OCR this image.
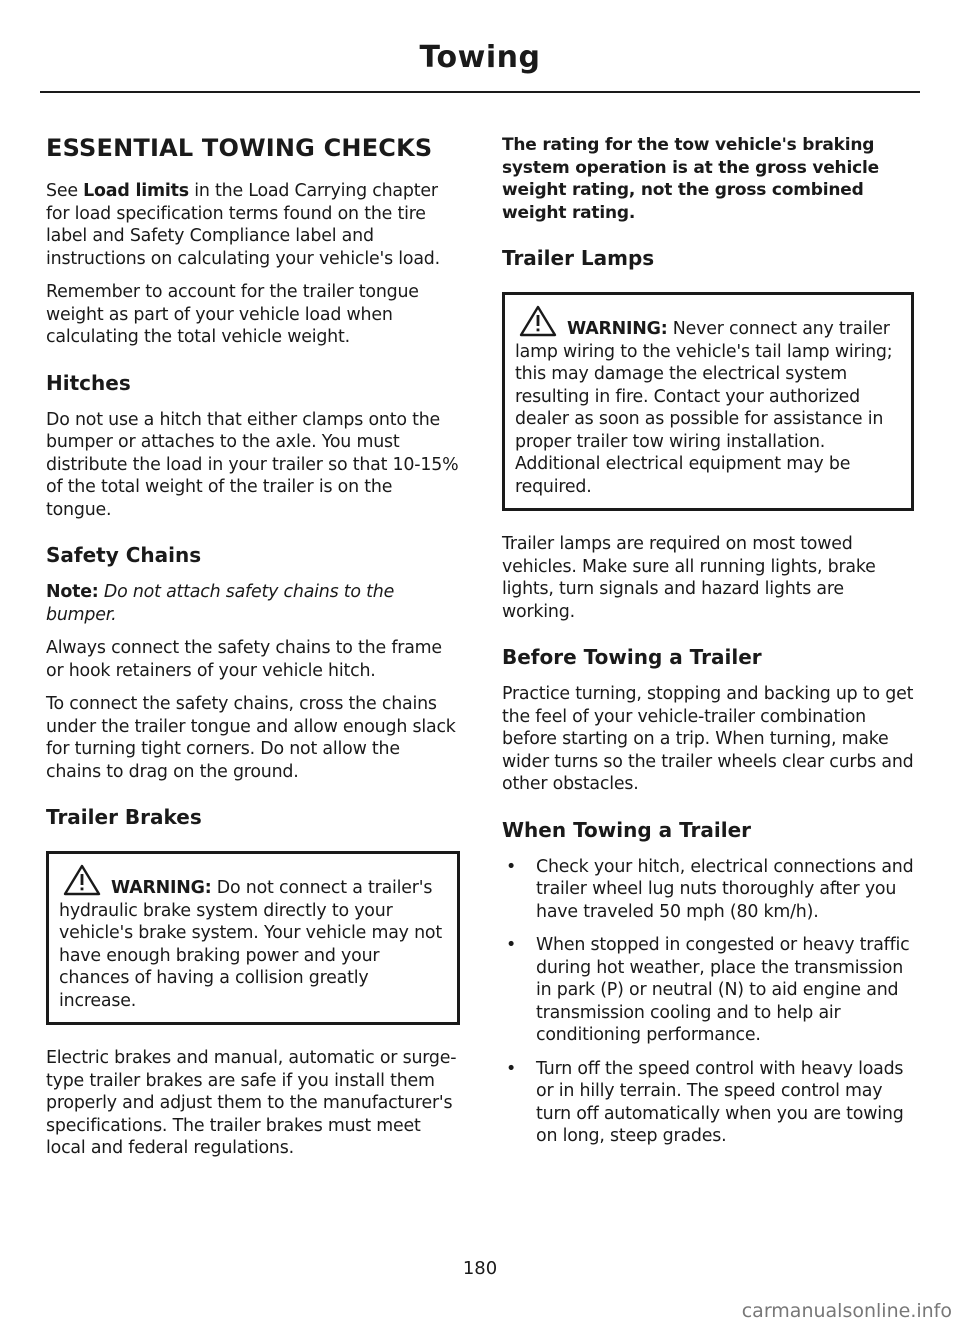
Towing
ESSENTIAL TOWING CHECKS

See Load limits in the Load Carrying chapter for load specification terms found on the tire label and Safety Compliance label and instructions on calculating your vehicle's load.

Remember to account for the trailer tongue weight as part of your vehicle load when calculating the total vehicle weight.

Hitches

Do not use a hitch that either clamps onto the bumper or attaches to the axle. You must distribute the load in your trailer so that 10-15% of the total weight of the trailer is on the tongue.

Safety Chains

Note: Do not attach safety chains to the bumper.

Always connect the safety chains to the frame or hook retainers of your vehicle hitch.

To connect the safety chains, cross the chains under the trailer tongue and allow enough slack for turning tight corners. Do not allow the chains to drag on the ground.

Trailer Brakes

WARNING: Do not connect a trailer's hydraulic brake system directly to your vehicle's brake system. Your vehicle may not have enough braking power and your chances of having a collision greatly increase.

Electric brakes and manual, automatic or surge-type trailer brakes are safe if you install them properly and adjust them to the manufacturer's specifications. The trailer brakes must meet local and federal regulations.

The rating for the tow vehicle's braking system operation is at the gross vehicle weight rating, not the gross combined weight rating.

Trailer Lamps

WARNING: Never connect any trailer lamp wiring to the vehicle's tail lamp wiring; this may damage the electrical system resulting in fire. Contact your authorized dealer as soon as possible for assistance in proper trailer tow wiring installation. Additional electrical equipment may be required.

Trailer lamps are required on most towed vehicles. Make sure all running lights, brake lights, turn signals and hazard lights are working.

Before Towing a Trailer

Practice turning, stopping and backing up to get the feel of your vehicle-trailer combination before starting on a trip. When turning, make wider turns so the trailer wheels clear curbs and other obstacles.

When Towing a Trailer
• Check your hitch, electrical connections and trailer wheel lug nuts thoroughly after you have traveled 50 mph (80 km/h).
• When stopped in congested or heavy traffic during hot weather, place the transmission in park (P) or neutral (N) to aid engine and transmission cooling and to help air conditioning performance.
• Turn off the speed control with heavy loads or in hilly terrain. The speed control may turn off automatically when you are towing on long, steep grades.
180
carmanualsonline.info
